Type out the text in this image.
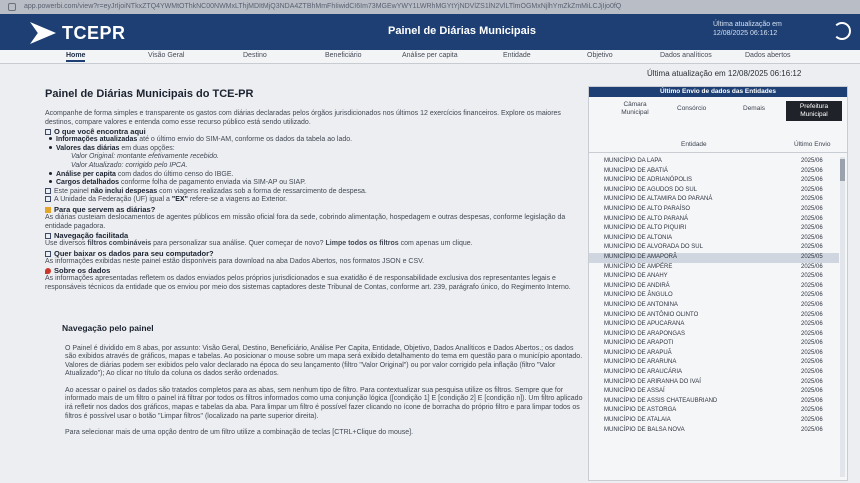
app.powerbi.com/view?r=eyJrIjoiNTkxZTQ4YWMtOThkNC00NWMxLThjMDItMjQ3NDA4ZTBhMmFhIiwidCI6Im73MGEwYWY1LWRhMGYtYjNDVlZS1lN2VlLTlmOGMxNjlhYmZkZmMiLCJjIjo0fQ
TCEPR	Painel de Diárias Municipais
Última atualização em
12/08/2025 06:16:12
Home	Visão Geral	Destino	Beneficiário	Análise per capita	Entidade	Objetivo	Dados analíticos	Dados abertos
Última atualização em 12/08/2025 06:16:12
Painel de Diárias Municipais do TCE-PR
Acompanhe de forma simples e transparente os gastos com diárias declaradas pelos órgãos jurisdicionados nos últimos 12 exercícios financeiros. Explore os maiores destinos, compare valores e entenda como esse recurso público está sendo utilizado.
O que você encontra aqui
Informações atualizadas até o último envio do SIM-AM, conforme os dados da tabela ao lado.
Valores das diárias em duas opções:
Valor Original: montante efetivamente recebido.
Valor Atualizado: corrigido pelo IPCA.
Análise per capita com dados do último censo do IBGE.
Cargos detalhados conforme folha de pagamento enviada via SIM-AP ou SIAP.
Este painel não inclui despesas com viagens realizadas sob a forma de ressarcimento de despesa.
A Unidade da Federação (UF) igual a "EX" refere-se a viagens ao Exterior.
Para que servem as diárias?
As diárias custeiam deslocamentos de agentes públicos em missão oficial fora da sede, cobrindo alimentação, hospedagem e outras despesas, conforme legislação da entidade pagadora.
Navegação facilitada
Use diversos filtros combináveis para personalizar sua análise. Quer começar de novo? Limpe todos os filtros com apenas um clique.
Quer baixar os dados para seu computador?
As informações exibidas neste painel estão disponíveis para download na aba Dados Abertos, nos formatos JSON e CSV.
Sobre os dados
As informações apresentadas refletem os dados enviados pelos próprios jurisdicionados e sua exatidão é de responsabilidade exclusiva dos representantes legais e responsáveis técnicos da entidade que os enviou por meio dos sistemas captadores deste Tribunal de Contas, conforme art. 239, parágrafo único, do Regimento Interno.
Navegação pelo painel
O Painel é dividido em 8 abas, por assunto: Visão Geral, Destino, Beneficiário, Análise Per Capita, Entidade, Objetivo, Dados Analíticos e Dados Abertos.; os dados são exibidos através de gráficos, mapas e tabelas. Ao posicionar o mouse sobre um mapa será exibido detalhamento do tema em questão para o município apontado. Valores de diárias podem ser exibidos pelo valor declarado na época do seu lançamento (filtro "Valor Original") ou por valor corrigido pela inflação (filtro "Valor Atualizado"); Ao clicar no título da coluna os dados serão ordenados.
Ao acessar o painel os dados são tratados completos para as abas, sem nenhum tipo de filtro. Para contextualizar sua pesquisa utilize os filtros. Sempre que for informado mais de um filtro o painel irá filtrar por todos os filtros informados como uma conjunção lógica ([condição 1] E [condição 2] E [condição n]). Um filtro aplicado irá refletir nos dados dos gráficos, mapas e tabelas da aba. Para limpar um filtro é possível fazer clicando no ícone de borracha do próprio filtro e para limpar todos os filtros é possível usar o botão "Limpar filtros" (localizado na parte superior direita).
Para selecionar mais de uma opção dentro de um filtro utilize a combinação de teclas [CTRL+Clique do mouse].
Último Envio de dados das Entidades
Câmara Municipal
Consórcio	Demais	Prefeitura Municipal
Entidade	Último Envio
MUNICÍPIO DA LAPA	2025/06
MUNICÍPIO DE ABATIÁ	2025/06
MUNICÍPIO DE ADRIANÓPOLIS	2025/06
MUNICÍPIO DE AGUDOS DO SUL	2025/06
MUNICÍPIO DE ALTAMIRA DO PARANÁ	2025/06
MUNICÍPIO DE ALTO PARAÍSO	2025/06
MUNICÍPIO DE ALTO PARANÁ	2025/06
MUNICÍPIO DE ALTO PIQUIRI	2025/06
MUNICÍPIO DE ALTONIA	2025/06
MUNICÍPIO DE ALVORADA DO SUL	2025/06
MUNICÍPIO DE AMAPORÃ	2025/05
MUNICÍPIO DE AMPÉRE	2025/06
MUNICÍPIO DE ANAHY	2025/06
MUNICÍPIO DE ANDIRÁ	2025/06
MUNICÍPIO DE ÂNGULO	2025/06
MUNICÍPIO DE ANTONINA	2025/06
MUNICÍPIO DE ANTÔNIO OLINTO	2025/06
MUNICÍPIO DE APUCARANA	2025/06
MUNICÍPIO DE ARAPONGAS	2025/06
MUNICÍPIO DE ARAPOTI	2025/06
MUNICÍPIO DE ARAPUÃ	2025/06
MUNICÍPIO DE ARARUNA	2025/06
MUNICÍPIO DE ARAUCÁRIA	2025/06
MUNICÍPIO DE ARIRANHA DO IVAÍ	2025/06
MUNICÍPIO DE ASSAÍ	2025/06
MUNICÍPIO DE ASSIS CHATEAUBRIAND	2025/06
MUNICÍPIO DE ASTORGA	2025/06
MUNICÍPIO DE ATALAIA	2025/06
MUNICÍPIO DE BALSA NOVA	2025/06
